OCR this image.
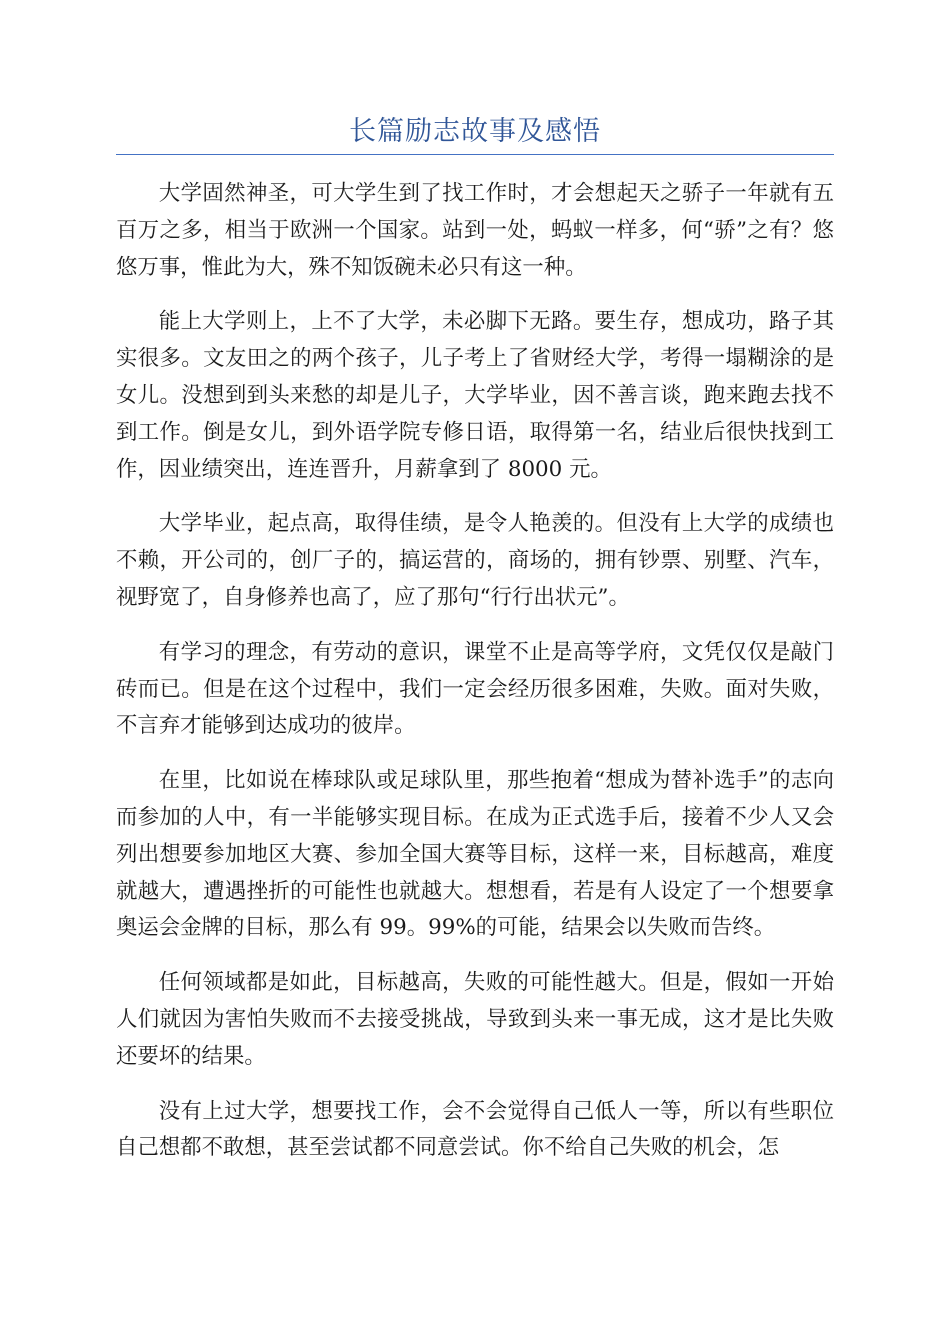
长篇励志故事及感悟

大学固然神圣，可大学生到了找工作时，才会想起天之骄子一年就有五百万之多，相当于欧洲一个国家。站到一处，蚂蚁一样多，何“骄”之有？悠悠万事，惟此为大，殊不知饭碗未必只有这一种。

能上大学则上，上不了大学，未必脚下无路。要生存，想成功，路子其实很多。文友田之的两个孩子，儿子考上了省财经大学，考得一塌糊涂的是女儿。没想到到头来愁的却是儿子，大学毕业，因不善言谈，跑来跑去找不到工作。倒是女儿，到外语学院专修日语，取得第一名，结业后很快找到工作，因业绩突出，连连晋升，月薪拿到了 8000 元。

大学毕业，起点高，取得佳绩，是令人艳羡的。但没有上大学的成绩也不赖，开公司的，创厂子的，搞运营的，商场的，拥有钞票、别墅、汽车，视野宽了，自身修养也高了，应了那句“行行出状元”。

有学习的理念，有劳动的意识，课堂不止是高等学府，文凭仅仅是敲门砖而已。但是在这个过程中，我们一定会经历很多困难，失败。面对失败，不言弃才能够到达成功的彼岸。

在里，比如说在棒球队或足球队里，那些抱着“想成为替补选手”的志向而参加的人中，有一半能够实现目标。在成为正式选手后，接着不少人又会列出想要参加地区大赛、参加全国大赛等目标，这样一来，目标越高，难度就越大，遭遇挫折的可能性也就越大。想想看，若是有人设定了一个想要拿奥运会金牌的目标，那么有 99。99%的可能，结果会以失败而告终。

任何领域都是如此，目标越高，失败的可能性越大。但是，假如一开始人们就因为害怕失败而不去接受挑战，导致到头来一事无成，这才是比失败还要坏的结果。

没有上过大学，想要找工作，会不会觉得自己低人一等，所以有些职位自己想都不敢想，甚至尝试都不同意尝试。你不给自己失败的机会，怎
